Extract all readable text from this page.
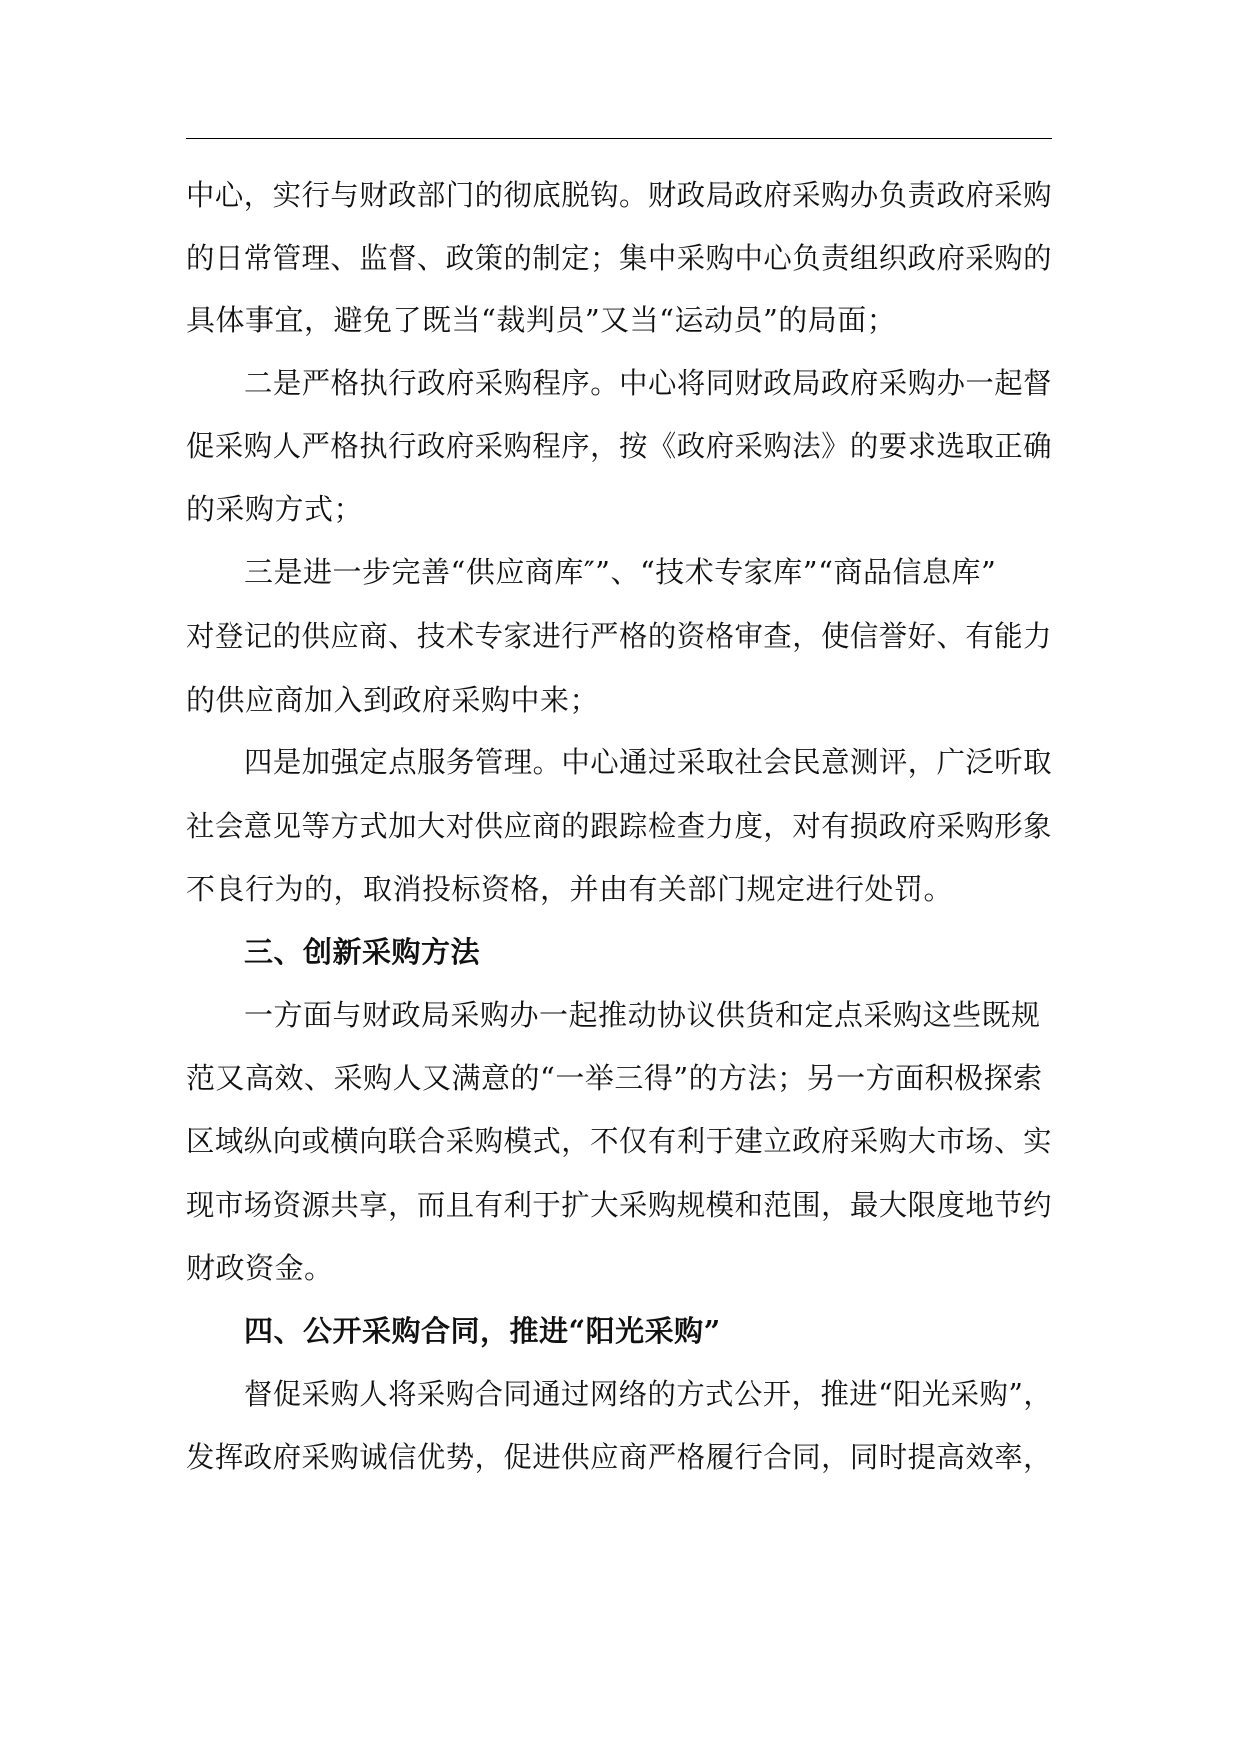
中心，实行与财政部门的彻底脱钩。财政局政府采购办负责政府采购
的日常管理、监督、政策的制定；集中采购中心负责组织政府采购的
具体事宜，避免了既当“裁判员”又当“运动员”的局面；
二是严格执行政府采购程序。中心将同财政局政府采购办一起督
促采购人严格执行政府采购程序，按《政府采购法》的要求选取正确
的采购方式；
三是进一步完善“供应商库″”、“技术专家库”“商品信息库”
对登记的供应商、技术专家进行严格的资格审查，使信誉好、有能力
的供应商加入到政府采购中来；
四是加强定点服务管理。中心通过采取社会民意测评，广泛听取
社会意见等方式加大对供应商的跟踪检查力度，对有损政府采购形象
不良行为的，取消投标资格，并由有关部门规定进行处罚。
三、创新采购方法
一方面与财政局采购办一起推动协议供货和定点采购这些既规
范又高效、采购人又满意的“一举三得”的方法；另一方面积极探索
区域纵向或横向联合采购模式，不仅有利于建立政府采购大市场、实
现市场资源共享，而且有利于扩大采购规模和范围，最大限度地节约
财政资金。
四、公开采购合同，推进“阳光采购”
督促采购人将采购合同通过网络的方式公开，推进“阳光采购”，
发挥政府采购诚信优势，促进供应商严格履行合同，同时提高效率，
